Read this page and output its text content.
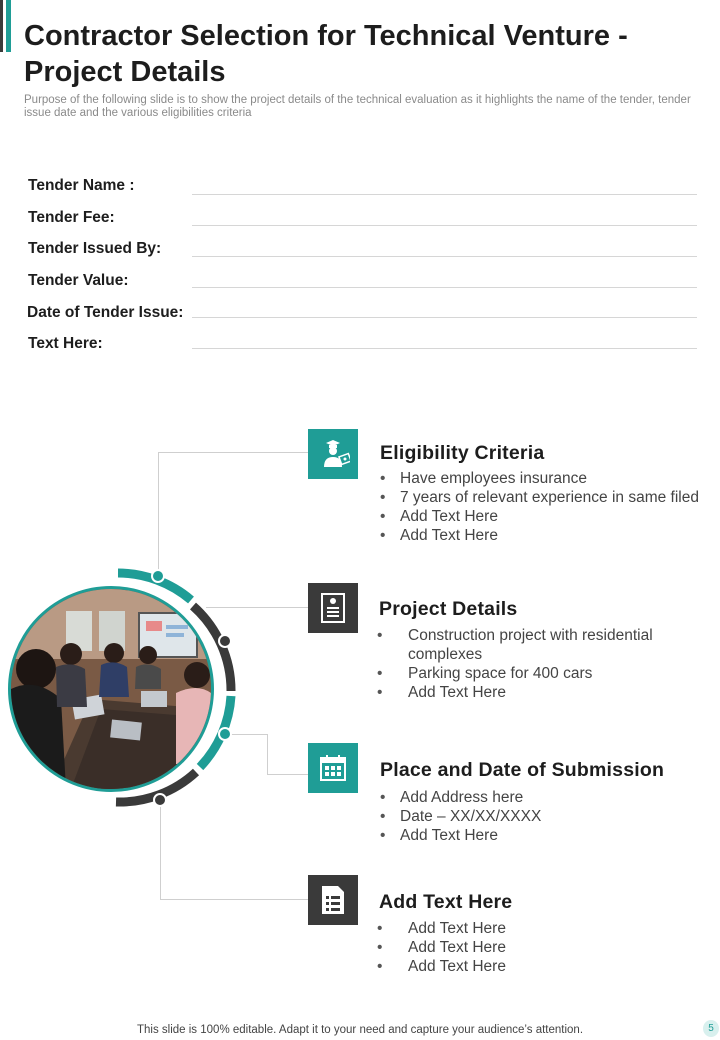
Contractor Selection for Technical Venture - Project Details
Purpose of the following slide is to show the project details of the technical evaluation as it highlights the name of the tender, tender issue date and the various eligibilities criteria
Tender Name :
Tender Fee:
Tender Issued By:
Tender Value:
Date of Tender Issue:
Text Here:
Eligibility Criteria
• Have employees insurance
• 7 years of relevant experience in same filed
• Add Text Here
• Add Text Here
Project Details
• Construction project with residential complexes
• Parking space for 400 cars
• Add Text Here
Place and Date of Submission
• Add Address here
• Date – XX/XX/XXXX
• Add Text Here
Add Text Here
• Add Text Here
• Add Text Here
• Add Text Here
This slide is 100% editable. Adapt it to your need and capture your audience’s attention.	5
